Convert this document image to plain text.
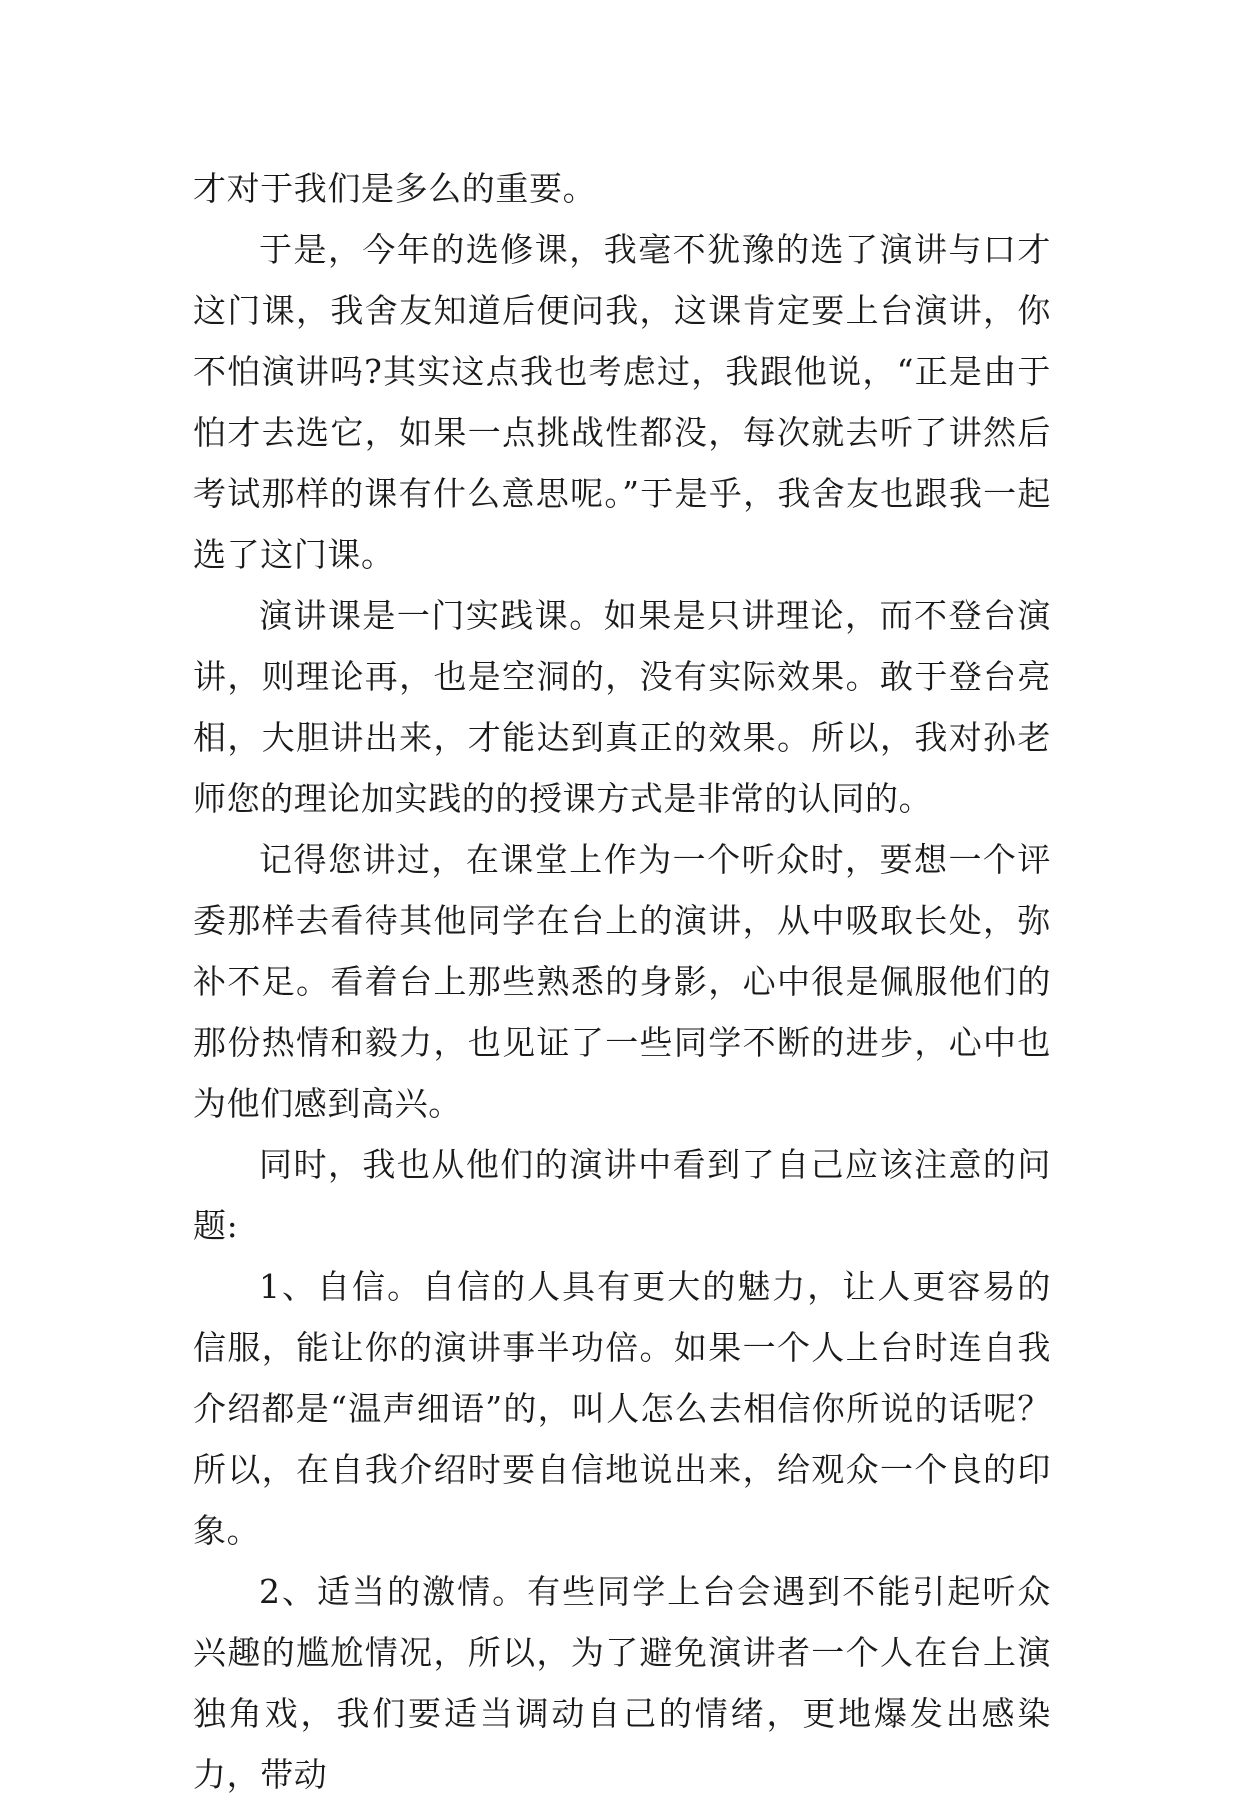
才对于我们是多么的重要。

于是，今年的选修课，我毫不犹豫的选了演讲与口才这门课，我舍友知道后便问我，这课肯定要上台演讲，你不怕演讲吗?其实这点我也考虑过，我跟他说，“正是由于怕才去选它，如果一点挑战性都没，每次就去听了讲然后考试那样的课有什么意思呢。”于是乎，我舍友也跟我一起选了这门课。

演讲课是一门实践课。如果是只讲理论，而不登台演讲，则理论再，也是空洞的，没有实际效果。敢于登台亮相，大胆讲出来，才能达到真正的效果。所以，我对孙老师您的理论加实践的的授课方式是非常的认同的。

记得您讲过，在课堂上作为一个听众时，要想一个评委那样去看待其他同学在台上的演讲，从中吸取长处，弥补不足。看着台上那些熟悉的身影，心中很是佩服他们的那份热情和毅力，也见证了一些同学不断的进步，心中也为他们感到高兴。

同时，我也从他们的演讲中看到了自己应该注意的问题:

1、自信。自信的人具有更大的魅力，让人更容易的信服，能让你的演讲事半功倍。如果一个人上台时连自我介绍都是“温声细语”的，叫人怎么去相信你所说的话呢？所以，在自我介绍时要自信地说出来，给观众一个良的印象。

2、适当的激情。有些同学上台会遇到不能引起听众兴趣的尴尬情况，所以，为了避免演讲者一个人在台上演独角戏，我们要适当调动自己的情绪，更地爆发出感染力，带动
